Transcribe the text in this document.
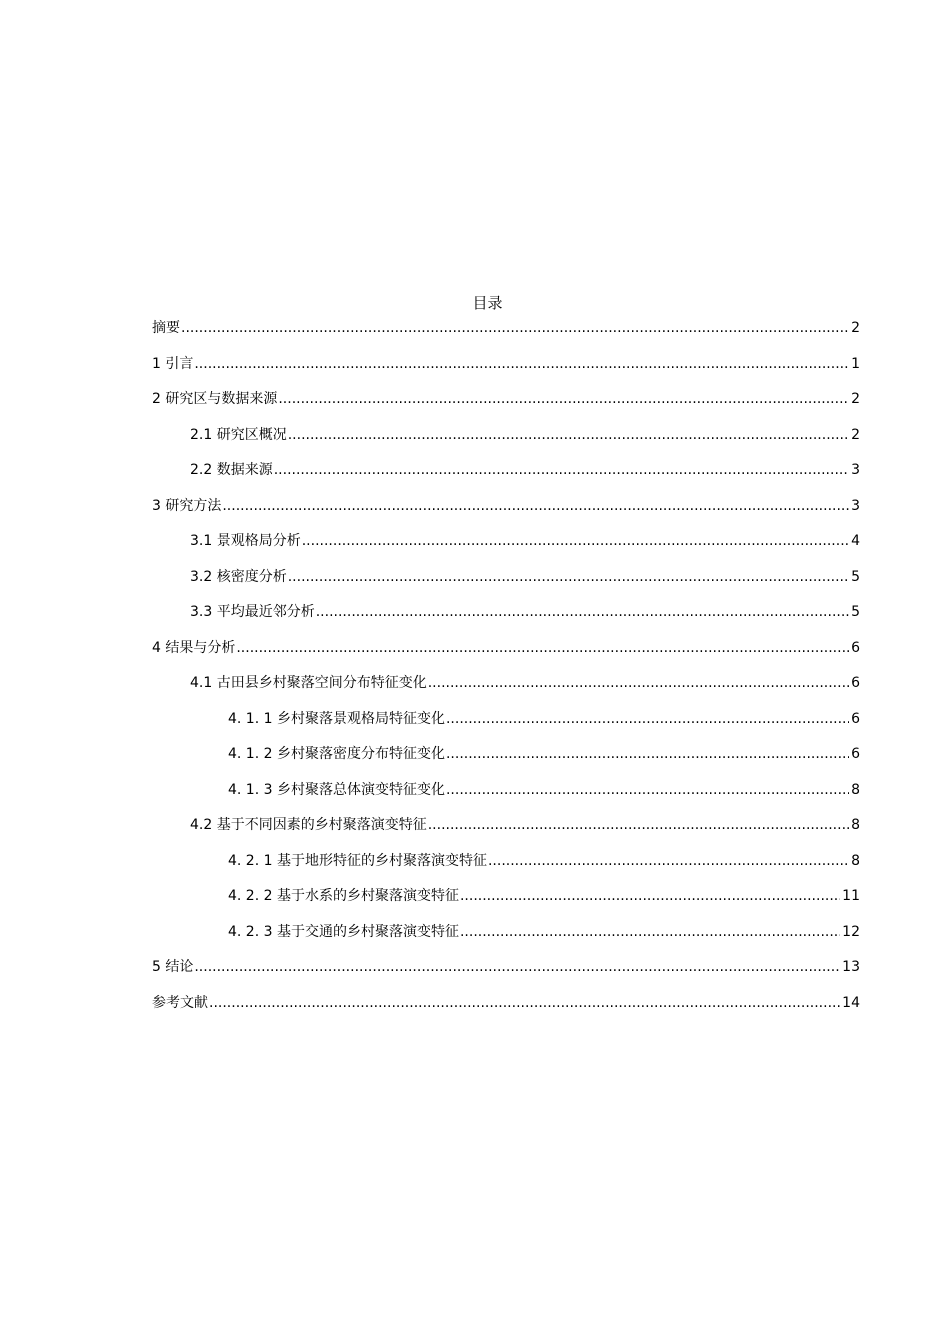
目录
摘要 .....	2
1 引言 .....	1
2 研究区与数据来源 .....	2
2.1 研究区概况 .....	2
2.2 数据来源 .....	3
3 研究方法 .....	3
3.1 景观格局分析 .....	4
3.2 核密度分析 .....	5
3.3 平均最近邻分析 .....	5
4 结果与分析 .....	6
4.1 古田县乡村聚落空间分布特征变化 .....	6
4. 1. 1 乡村聚落景观格局特征变化 .....	6
4. 1. 2 乡村聚落密度分布特征变化 .....	6
4. 1. 3 乡村聚落总体演变特征变化 .....	8
4.2 基于不同因素的乡村聚落演变特征 .....	8
4. 2. 1 基于地形特征的乡村聚落演变特征 .....	8
4. 2. 2 基于水系的乡村聚落演变特征 .....	11
4. 2. 3 基于交通的乡村聚落演变特征 .....	12
5 结论 .....	13
参考文献 .....	14
